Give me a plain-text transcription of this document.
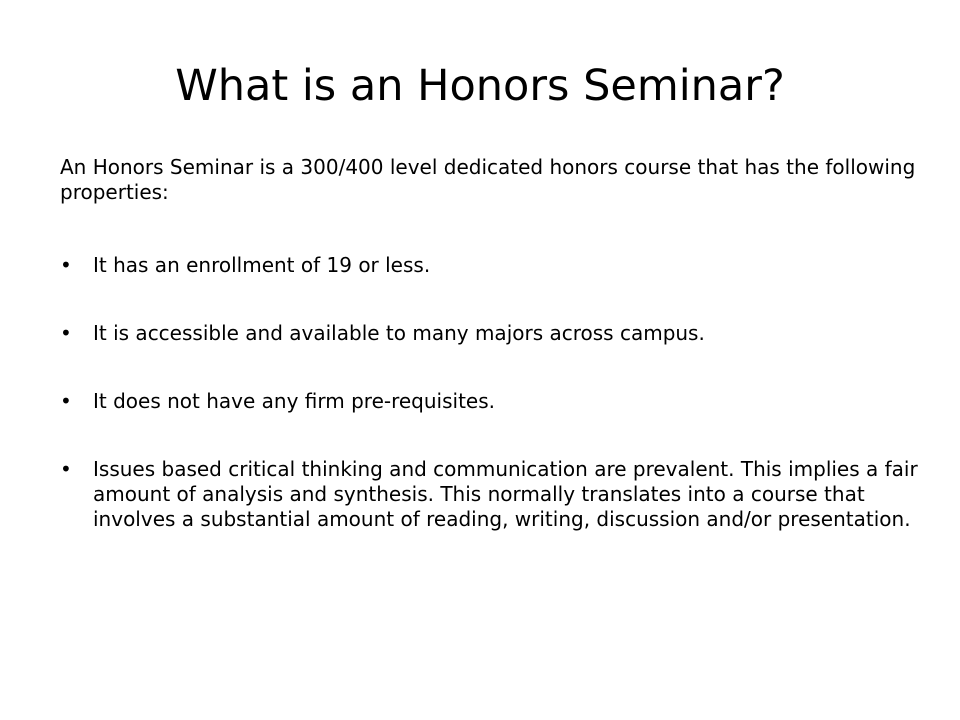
What is an Honors Seminar?

An Honors Seminar is a 300/400 level dedicated honors course that has the following properties:

• It has an enrollment of 19 or less.
• It is accessible and available to many majors across campus.
• It does not have any firm pre-requisites.
• Issues based critical thinking and communication are prevalent. This implies a fair amount of analysis and synthesis. This normally translates into a course that involves a substantial amount of reading, writing, discussion and/or presentation.
